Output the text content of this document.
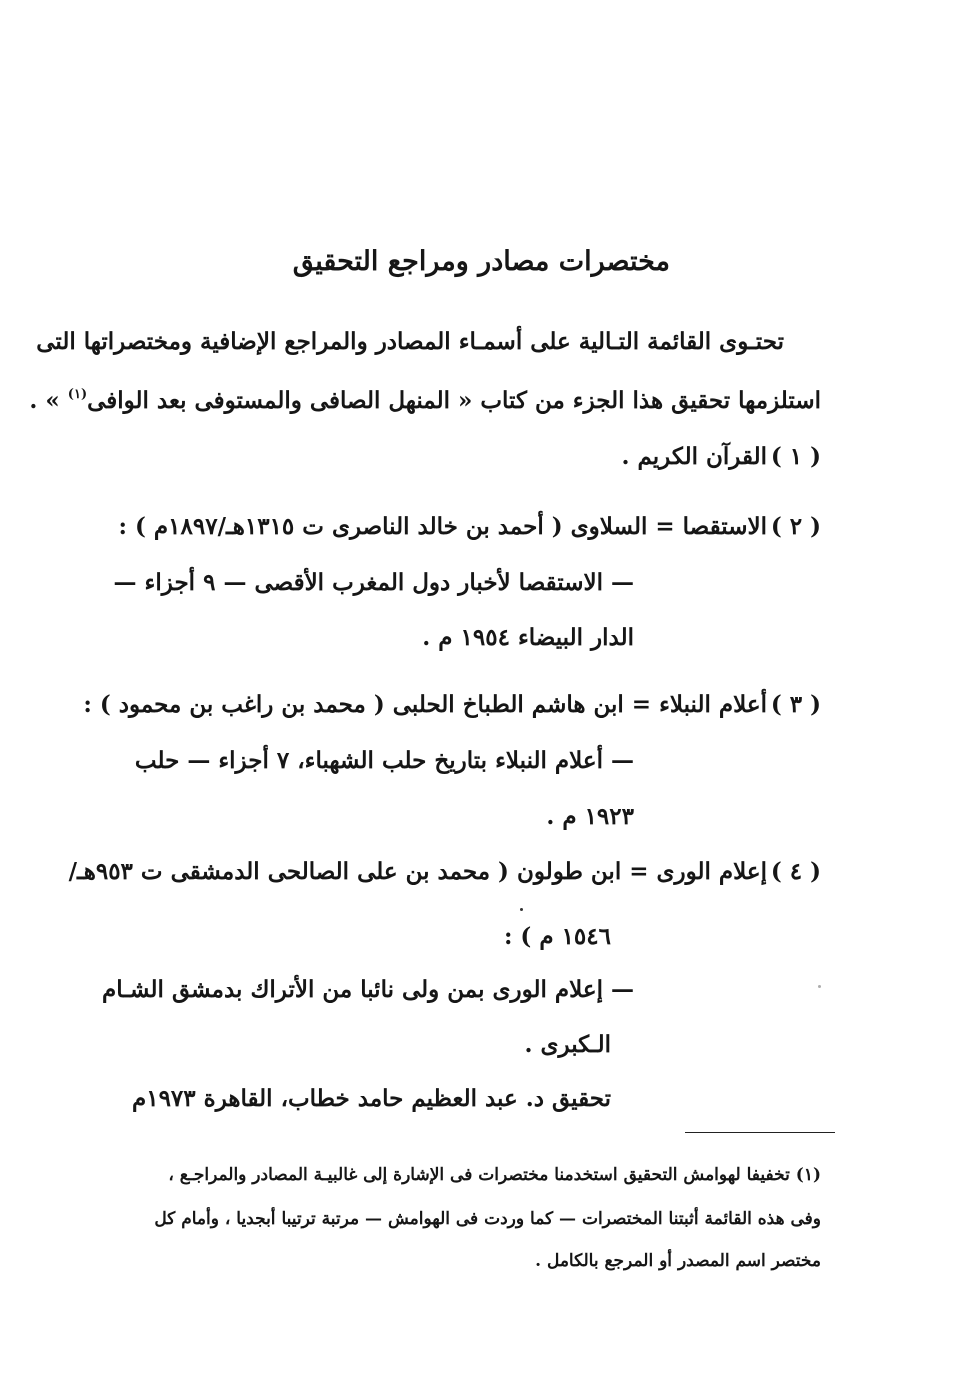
مختصرات مصادر ومراجع التحقيق
تحتـوى القائمة التـالية على أسمـاء المصادر والمراجع الإضافية ومختصراتها التى
استلزمها تحقيق هذا الجزء من كتاب « المنهل الصافى والمستوفى بعد الوافى$^{(١)}$ » .
( ١ ) القرآن الكريم .
( ٢ ) الاستقصا = السلاوى ( أحمد بن خالد الناصرى ت ١٣١٥هـ/١٨٩٧م ) :
— الاستقصا لأخبار دول المغرب الأقصى — ٩ أجزاء —
الدار البيضاء ١٩٥٤ م .
( ٣ ) أعلام النبلاء = ابن هاشم الطباخ الحلبى ( محمد بن راغب بن محمود ) :
— أعلام النبلاء بتاريخ حلب الشهباء، ٧ أجزاء — حلب
١٩٢٣ م .
( ٤ ) إعلام الورى = ابن طولون ( محمد بن على الصالحى الدمشقى ت ٩٥٣هـ/
١٥٤٦ م ) :
— إعلام الورى بمن ولى نائبا من الأتراك بدمشق الشـام
الـكبرى .
تحقيق د. عبد العظيم حامد خطاب، القاهرة ١٩٧٣م
(١) تخفيفا لهوامش التحقيق استخدمنا مختصرات فى الإشارة إلى غالبيـة المصادر والمراجـع ،
وفى هذه القائمة أثبتنا المختصرات — كما وردت فى الهوامش — مرتبة ترتيبا أبجديا ، وأمام كل
مختصر اسم المصدر أو المرجع بالكامل .
